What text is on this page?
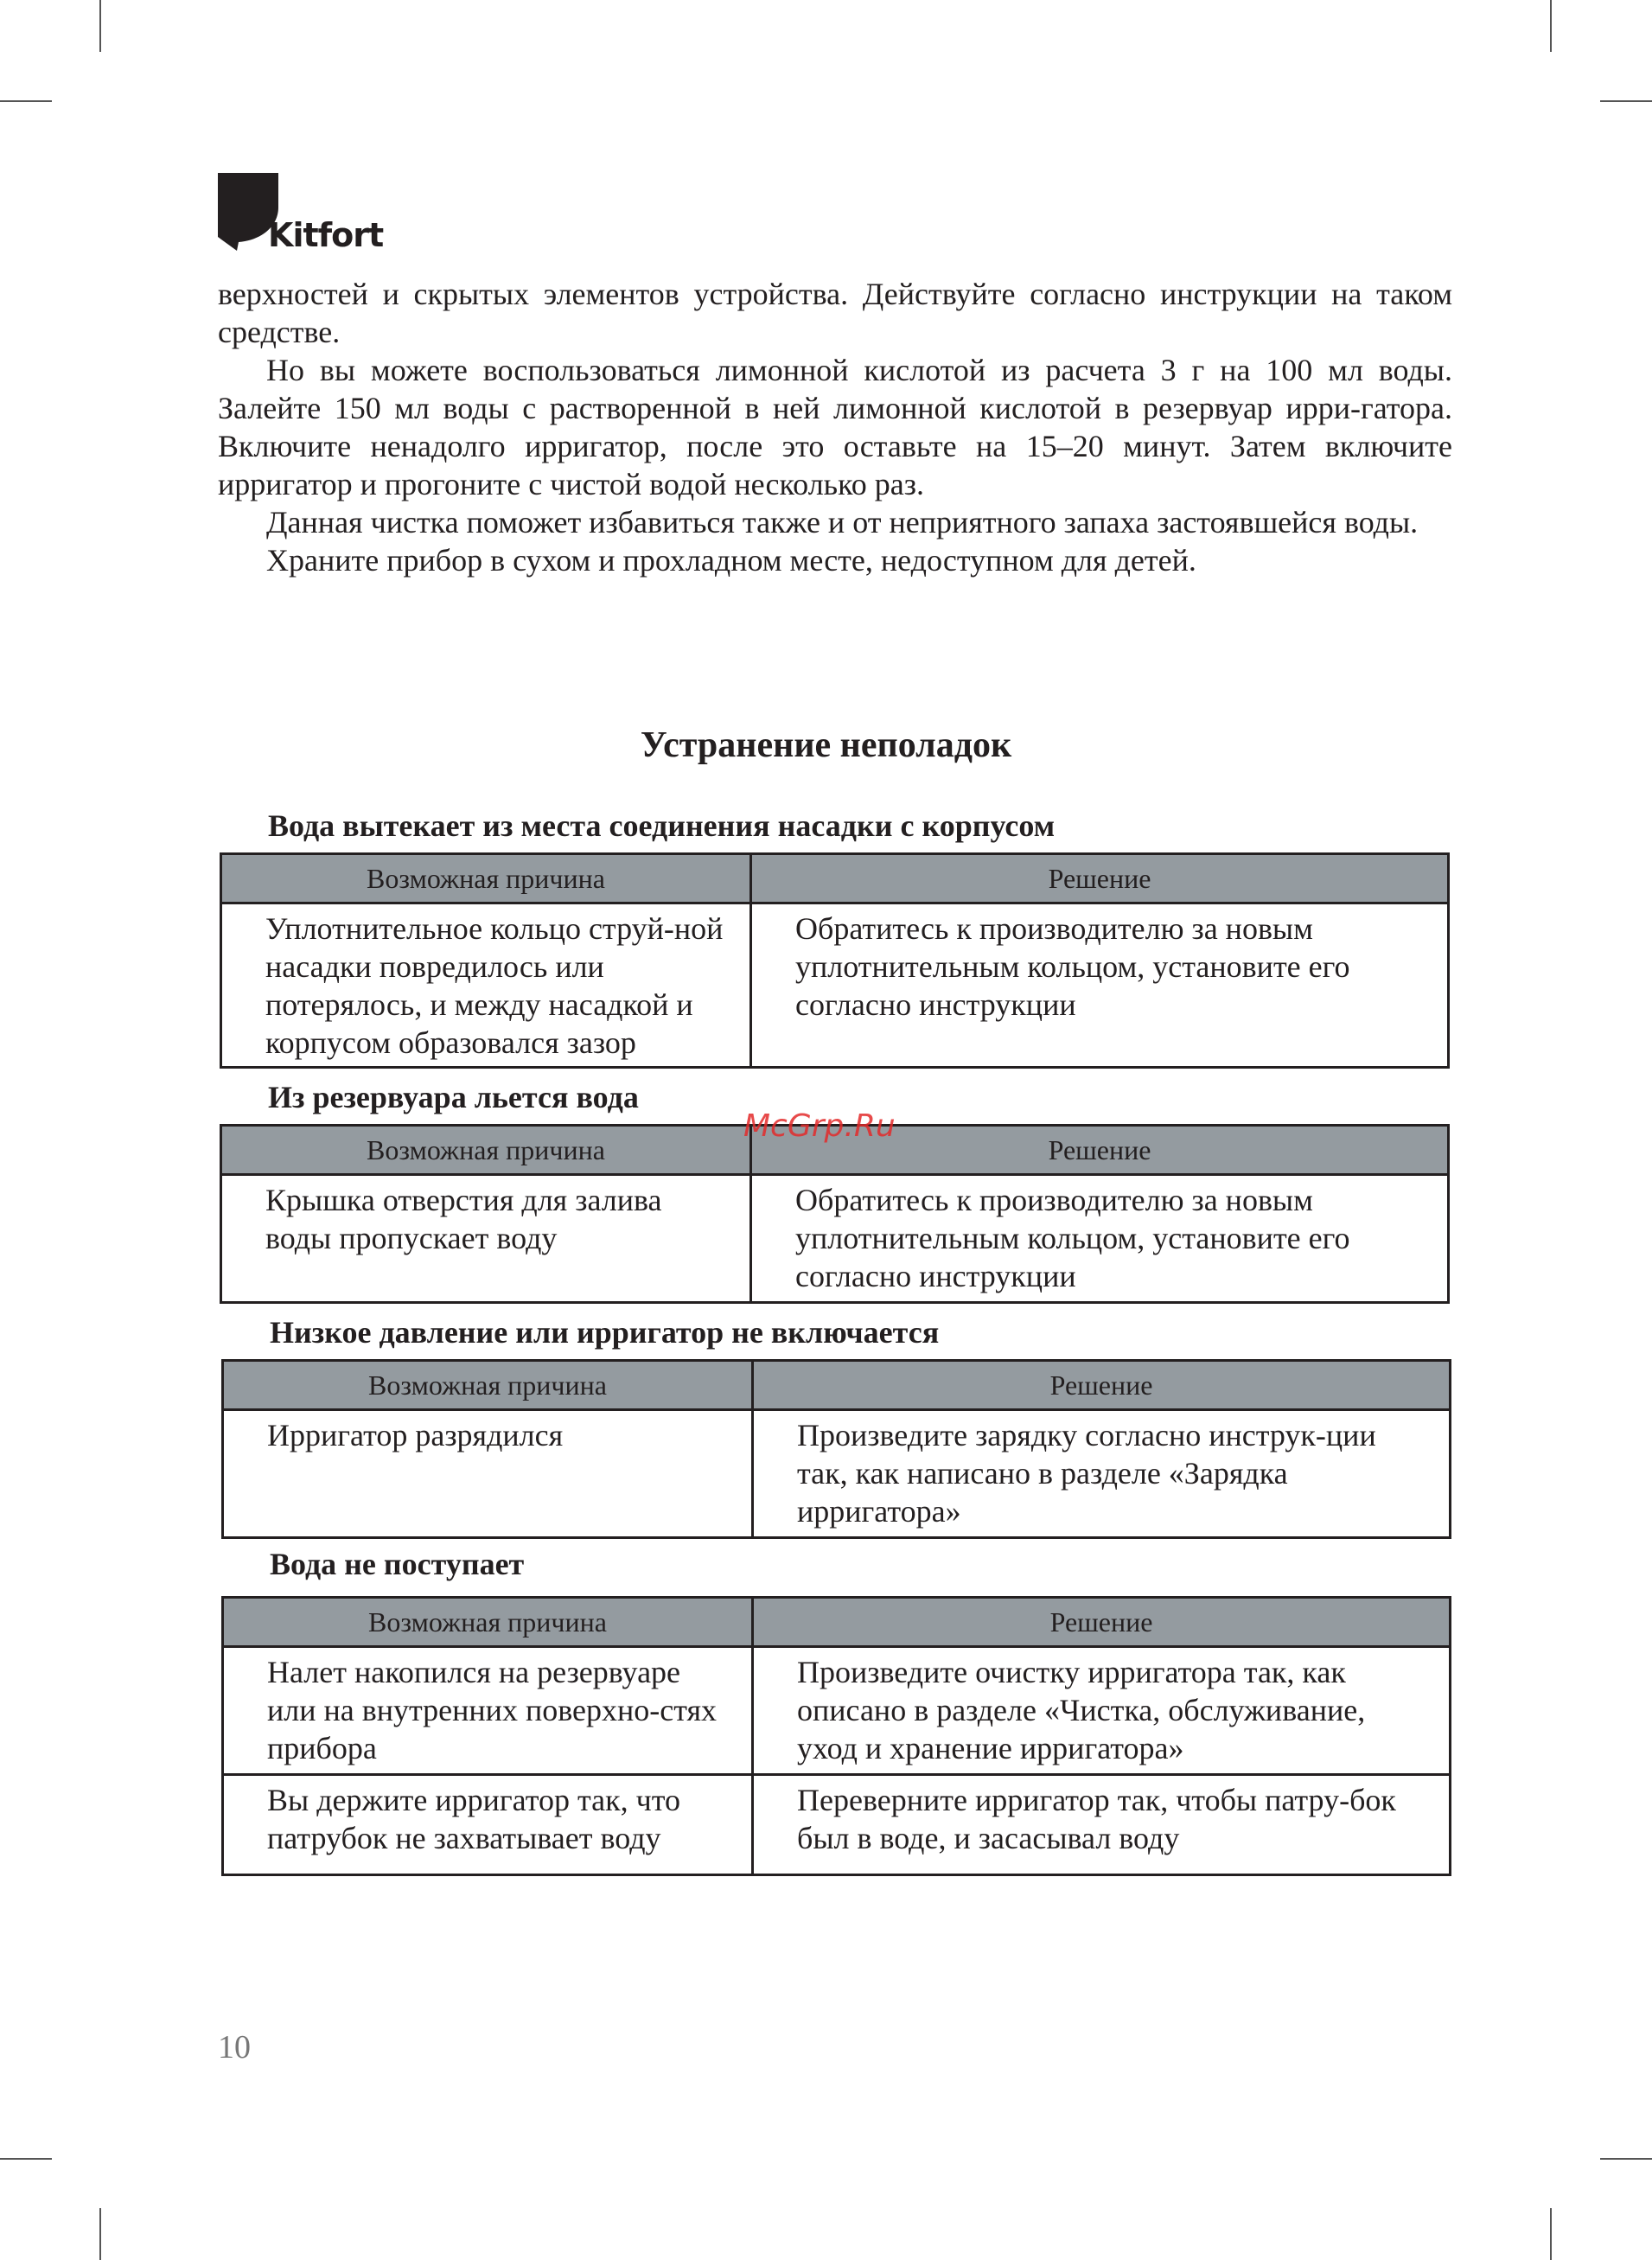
Kitfort

верхностей и скрытых элементов устройства. Действуйте согласно инструкции на таком средстве.

Но вы можете воспользоваться лимонной кислотой из расчета 3 г на 100 мл воды. Залейте 150 мл воды с растворенной в ней лимонной кислотой в резервуар ирри-гатора. Включите ненадолго ирригатор, после это оставьте на 15–20 минут. Затем включите ирригатор и прогоните с чистой водой несколько раз.

Данная чистка поможет избавиться также и от неприятного запаха застоявшейся воды.

Храните прибор в сухом и прохладном месте, недоступном для детей.

Устранение неполадок
Вода вытекает из места соединения насадки с корпусом
Возможная причина	Решение
Уплотнительное кольцо струй-ной насадки повредилось или потерялось, и между насадкой и корпусом образовался зазор	Обратитесь к производителю за новым уплотнительным кольцом, установите его согласно инструкции
Из резервуара льется вода
Возможная причина	Решение
Крышка отверстия для залива воды пропускает воду	Обратитесь к производителю за новым уплотнительным кольцом, установите его согласно инструкции
Низкое давление или ирригатор не включается
Возможная причина	Решение
Ирригатор разрядился	Произведите зарядку согласно инструк-ции так, как написано в разделе «Зарядка ирригатора»
Вода не поступает
Возможная причина	Решение
Налет накопился на резервуаре или на внутренних поверхно-стях прибора	Произведите очистку ирригатора так, как описано в разделе «Чистка, обслуживание, уход и хранение ирригатора»
Вы держите ирригатор так, что патрубок не захватывает воду	Переверните ирригатор так, чтобы патру-бок был в воде, и засасывал воду
McGrp.Ru
10
